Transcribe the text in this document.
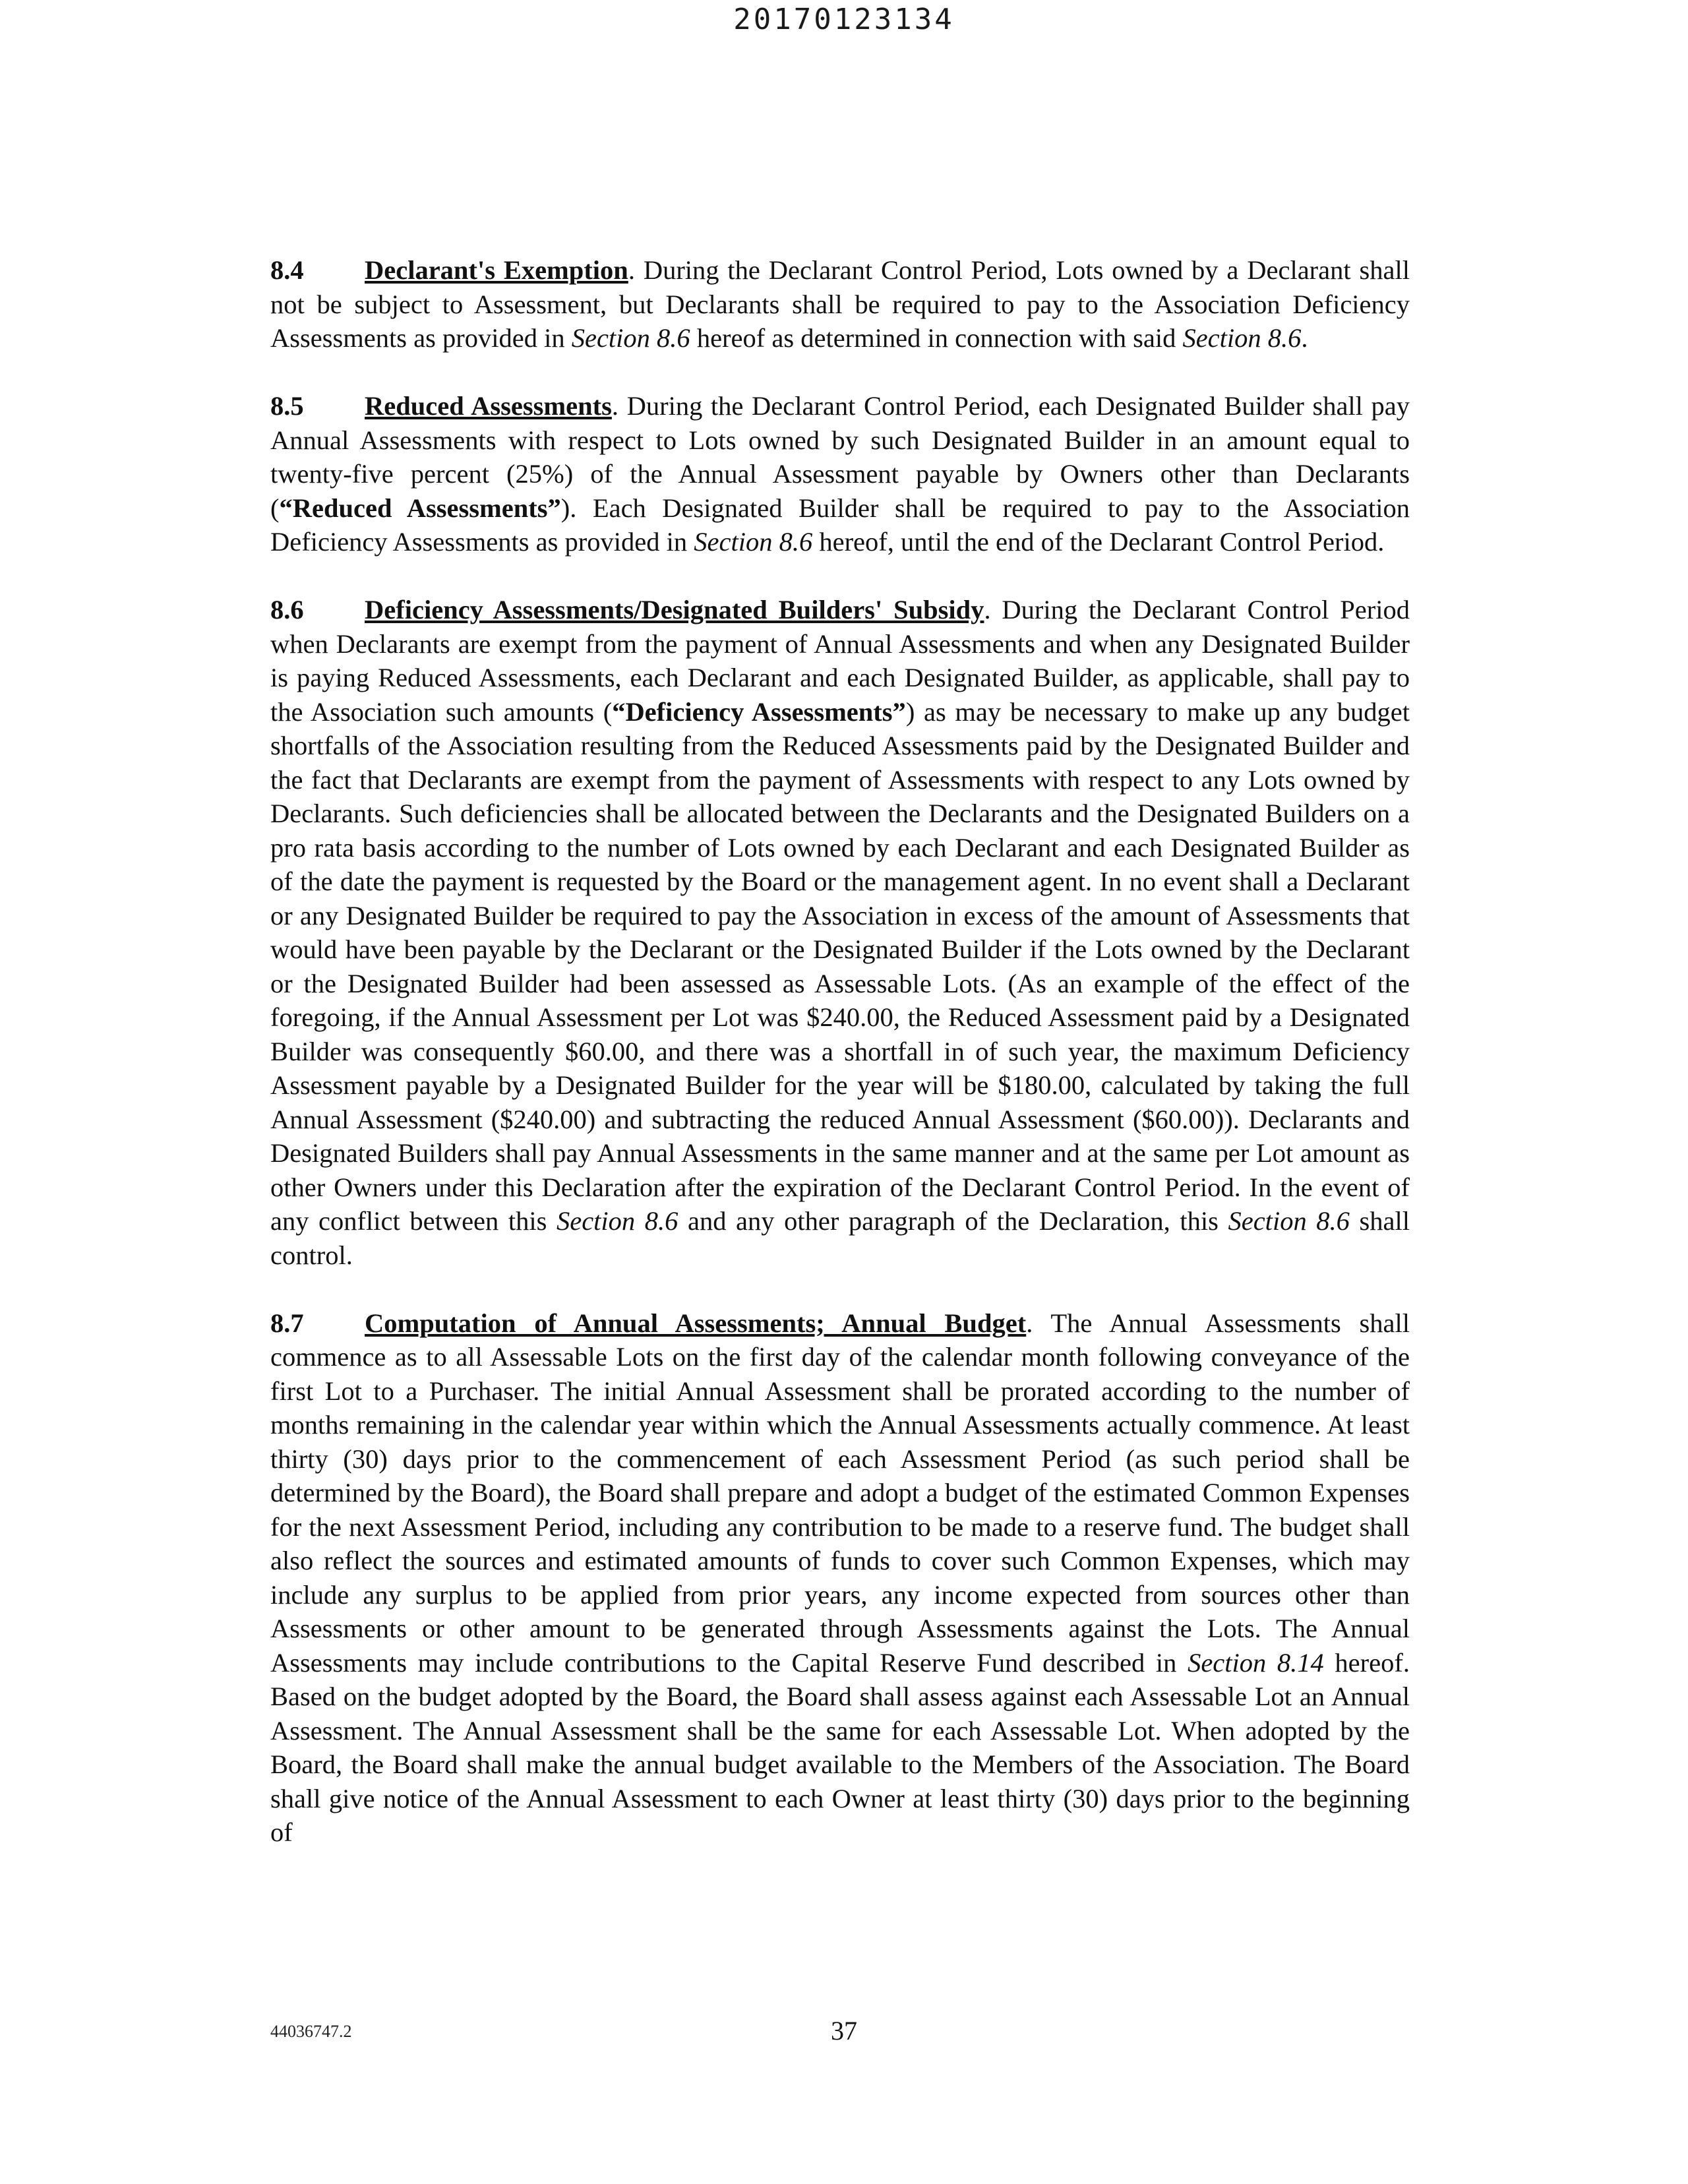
20170123134

8.4 Declarant's Exemption. During the Declarant Control Period, Lots owned by a Declarant shall not be subject to Assessment, but Declarants shall be required to pay to the Association Deficiency Assessments as provided in Section 8.6 hereof as determined in connection with said Section 8.6.

8.5 Reduced Assessments. During the Declarant Control Period, each Designated Builder shall pay Annual Assessments with respect to Lots owned by such Designated Builder in an amount equal to twenty-five percent (25%) of the Annual Assessment payable by Owners other than Declarants (“Reduced Assessments”). Each Designated Builder shall be required to pay to the Association Deficiency Assessments as provided in Section 8.6 hereof, until the end of the Declarant Control Period.

8.6 Deficiency Assessments/Designated Builders' Subsidy. During the Declarant Control Period when Declarants are exempt from the payment of Annual Assessments and when any Designated Builder is paying Reduced Assessments, each Declarant and each Designated Builder, as applicable, shall pay to the Association such amounts (“Deficiency Assessments”) as may be necessary to make up any budget shortfalls of the Association resulting from the Reduced Assessments paid by the Designated Builder and the fact that Declarants are exempt from the payment of Assessments with respect to any Lots owned by Declarants. Such deficiencies shall be allocated between the Declarants and the Designated Builders on a pro rata basis according to the number of Lots owned by each Declarant and each Designated Builder as of the date the payment is requested by the Board or the management agent. In no event shall a Declarant or any Designated Builder be required to pay the Association in excess of the amount of Assessments that would have been payable by the Declarant or the Designated Builder if the Lots owned by the Declarant or the Designated Builder had been assessed as Assessable Lots. (As an example of the effect of the foregoing, if the Annual Assessment per Lot was $240.00, the Reduced Assessment paid by a Designated Builder was consequently $60.00, and there was a shortfall in of such year, the maximum Deficiency Assessment payable by a Designated Builder for the year will be $180.00, calculated by taking the full Annual Assessment ($240.00) and subtracting the reduced Annual Assessment ($60.00)). Declarants and Designated Builders shall pay Annual Assessments in the same manner and at the same per Lot amount as other Owners under this Declaration after the expiration of the Declarant Control Period. In the event of any conflict between this Section 8.6 and any other paragraph of the Declaration, this Section 8.6 shall control.

8.7 Computation of Annual Assessments; Annual Budget. The Annual Assessments shall commence as to all Assessable Lots on the first day of the calendar month following conveyance of the first Lot to a Purchaser. The initial Annual Assessment shall be prorated according to the number of months remaining in the calendar year within which the Annual Assessments actually commence. At least thirty (30) days prior to the commencement of each Assessment Period (as such period shall be determined by the Board), the Board shall prepare and adopt a budget of the estimated Common Expenses for the next Assessment Period, including any contribution to be made to a reserve fund. The budget shall also reflect the sources and estimated amounts of funds to cover such Common Expenses, which may include any surplus to be applied from prior years, any income expected from sources other than Assessments or other amount to be generated through Assessments against the Lots. The Annual Assessments may include contributions to the Capital Reserve Fund described in Section 8.14 hereof. Based on the budget adopted by the Board, the Board shall assess against each Assessable Lot an Annual Assessment. The Annual Assessment shall be the same for each Assessable Lot. When adopted by the Board, the Board shall make the annual budget available to the Members of the Association. The Board shall give notice of the Annual Assessment to each Owner at least thirty (30) days prior to the beginning of

44036747.2	37
